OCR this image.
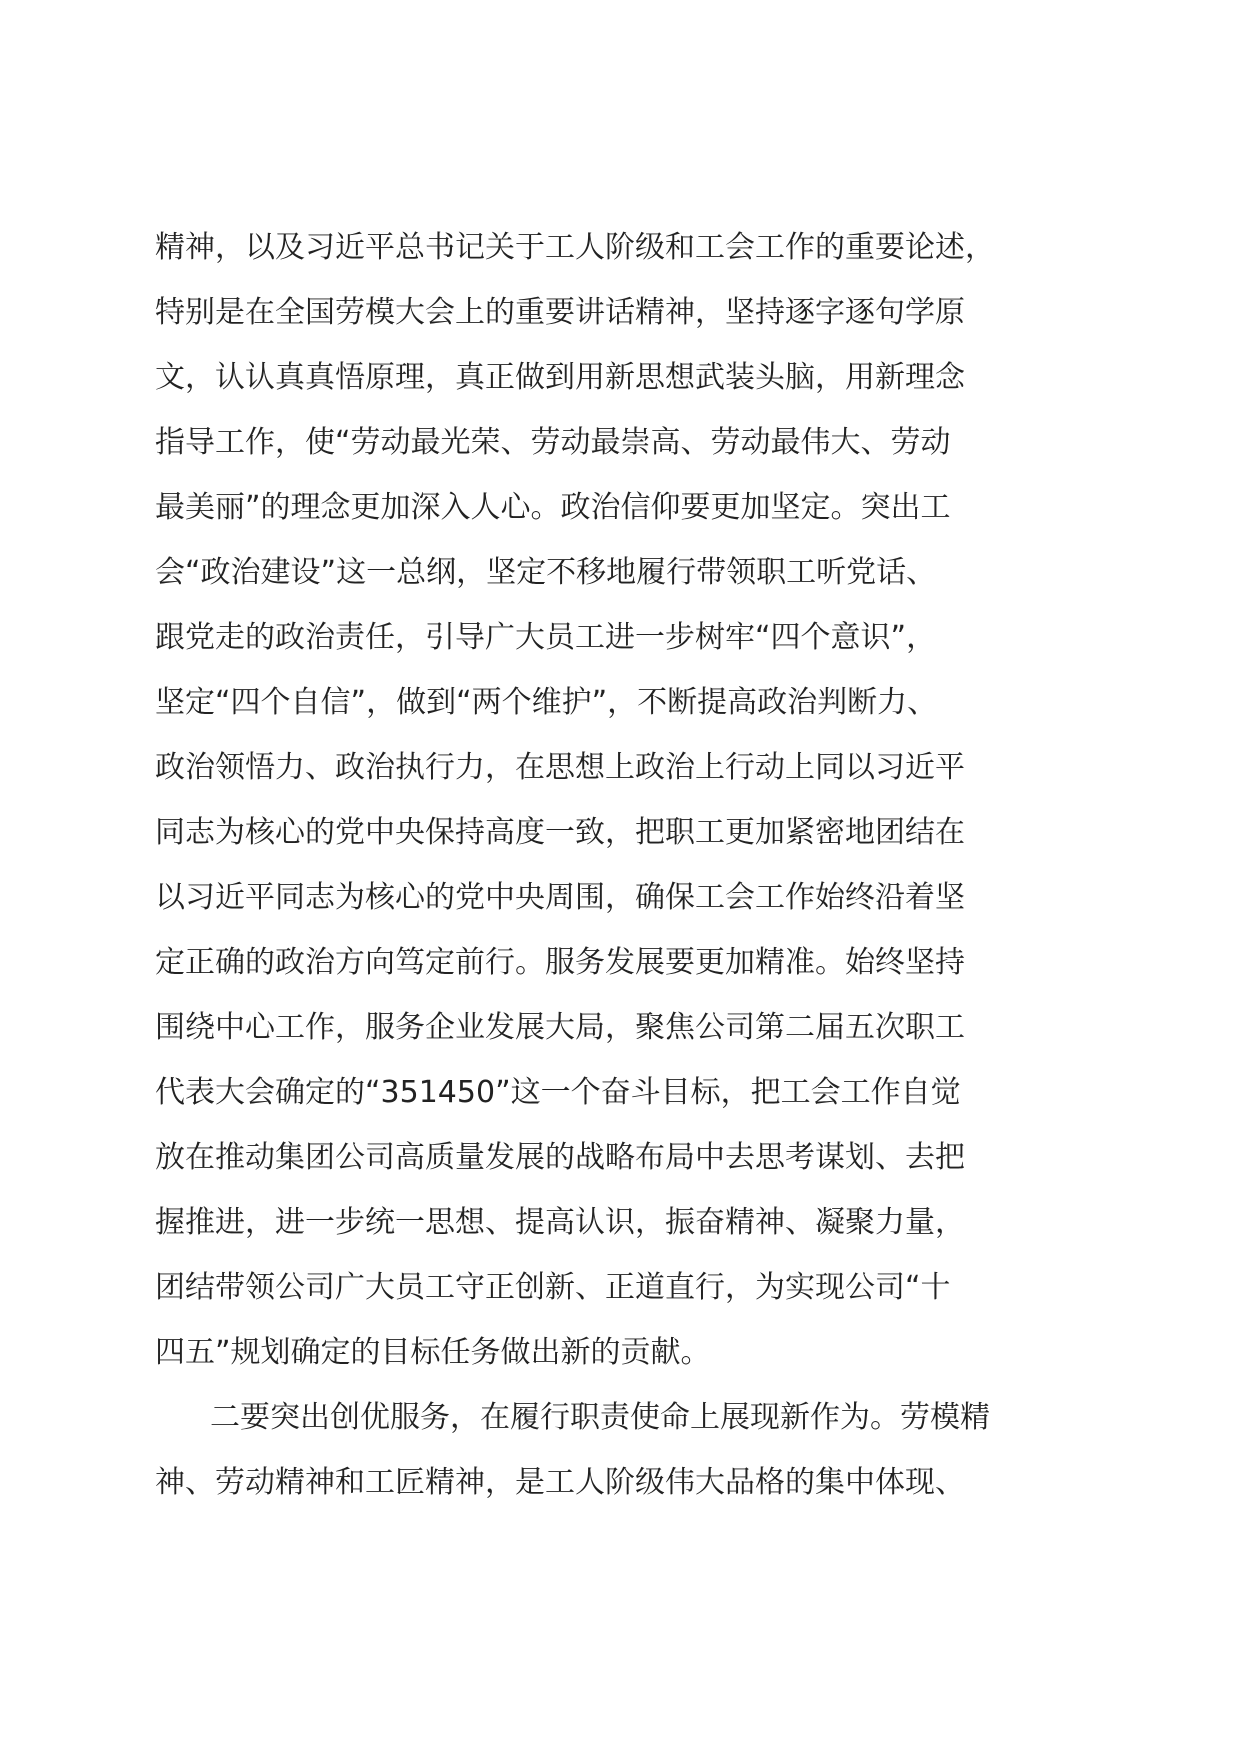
精神，以及习近平总书记关于工人阶级和工会工作的重要论述，
特别是在全国劳模大会上的重要讲话精神，坚持逐字逐句学原
文，认认真真悟原理，真正做到用新思想武装头脑，用新理念
指导工作，使“劳动最光荣、劳动最崇高、劳动最伟大、劳动
最美丽”的理念更加深入人心。政治信仰要更加坚定。突出工
会“政治建设”这一总纲，坚定不移地履行带领职工听党话、
跟党走的政治责任，引导广大员工进一步树牢“四个意识”，
坚定“四个自信”，做到“两个维护”，不断提高政治判断力、
政治领悟力、政治执行力，在思想上政治上行动上同以习近平
同志为核心的党中央保持高度一致，把职工更加紧密地团结在
以习近平同志为核心的党中央周围，确保工会工作始终沿着坚
定正确的政治方向笃定前行。服务发展要更加精准。始终坚持
围绕中心工作，服务企业发展大局，聚焦公司第二届五次职工
代表大会确定的“351450”这一个奋斗目标，把工会工作自觉
放在推动集团公司高质量发展的战略布局中去思考谋划、去把
握推进，进一步统一思想、提高认识，振奋精神、凝聚力量，
团结带领公司广大员工守正创新、正道直行，为实现公司“十
四五”规划确定的目标任务做出新的贡献。
二要突出创优服务，在履行职责使命上展现新作为。劳模精
神、劳动精神和工匠精神，是工人阶级伟大品格的集中体现、
